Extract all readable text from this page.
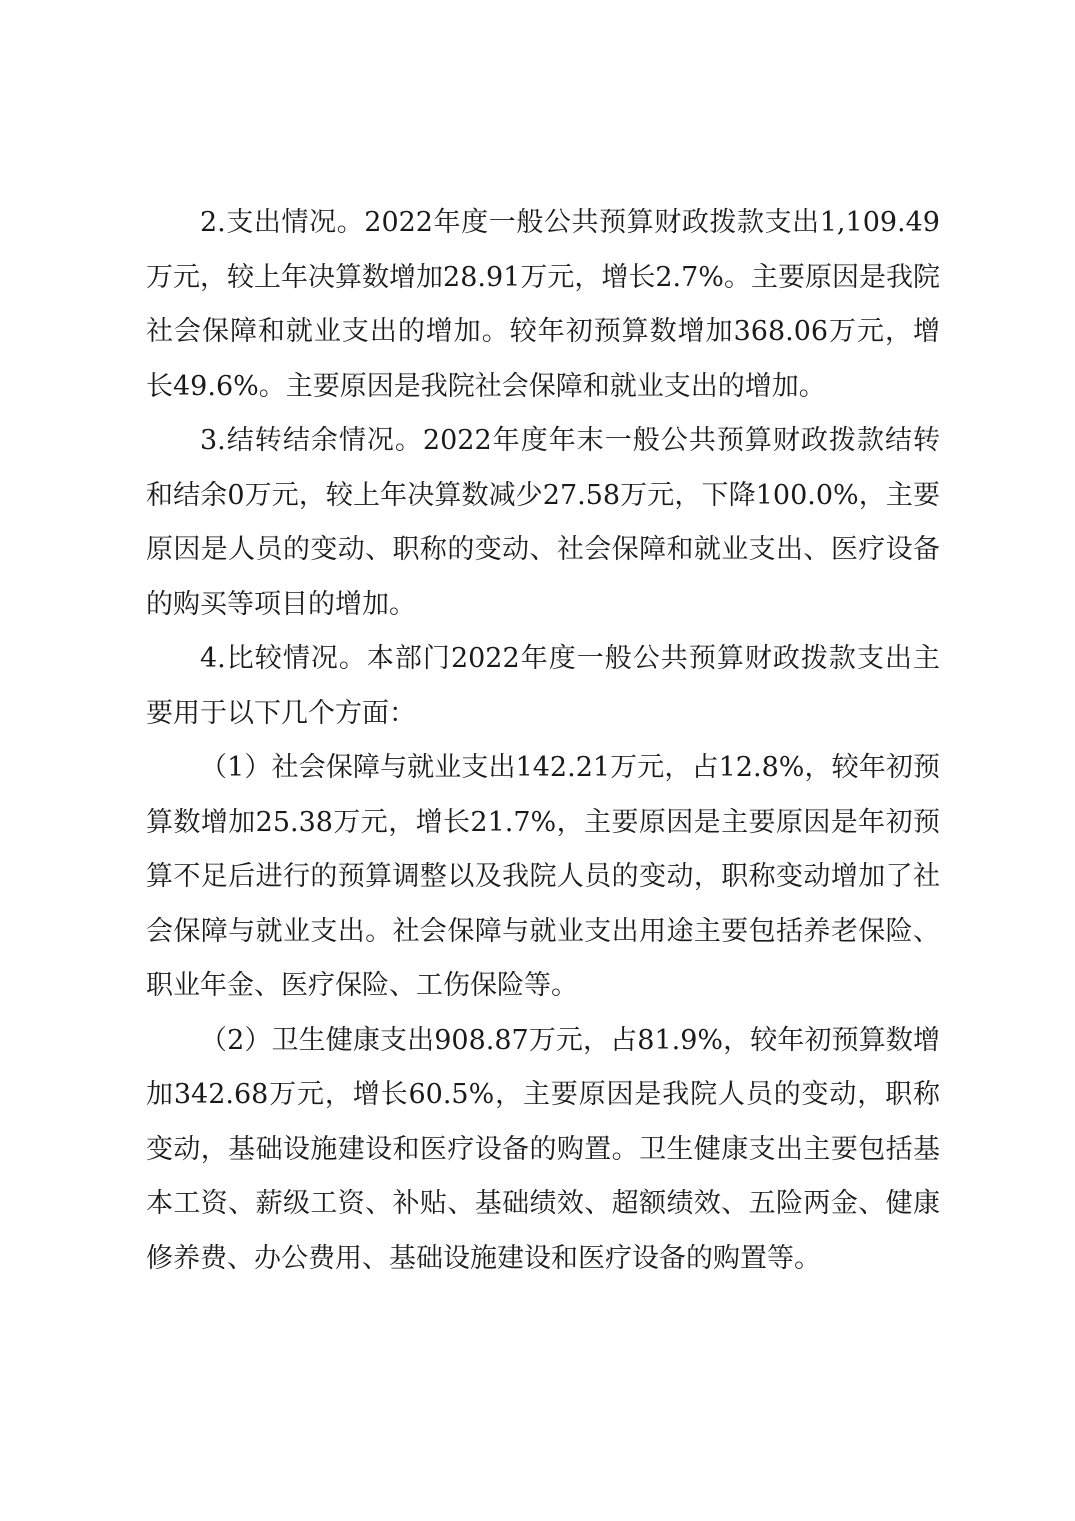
2.支出情况。2022年度一般公共预算财政拨款支出1,109.49万元，较上年决算数增加28.91万元，增长2.7%。主要原因是我院社会保障和就业支出的增加。较年初预算数增加368.06万元，增长49.6%。主要原因是我院社会保障和就业支出的增加。

3.结转结余情况。2022年度年末一般公共预算财政拨款结转和结余0万元，较上年决算数减少27.58万元，下降100.0%，主要原因是人员的变动、职称的变动、社会保障和就业支出、医疗设备的购买等项目的增加。

4.比较情况。本部门2022年度一般公共预算财政拨款支出主要用于以下几个方面：

（1）社会保障与就业支出142.21万元，占12.8%，较年初预算数增加25.38万元，增长21.7%，主要原因是主要原因是年初预算不足后进行的预算调整以及我院人员的变动，职称变动增加了社会保障与就业支出。社会保障与就业支出用途主要包括养老保险、职业年金、医疗保险、工伤保险等。

（2）卫生健康支出908.87万元，占81.9%，较年初预算数增加342.68万元，增长60.5%，主要原因是我院人员的变动，职称变动，基础设施建设和医疗设备的购置。卫生健康支出主要包括基本工资、薪级工资、补贴、基础绩效、超额绩效、五险两金、健康修养费、办公费用、基础设施建设和医疗设备的购置等。
